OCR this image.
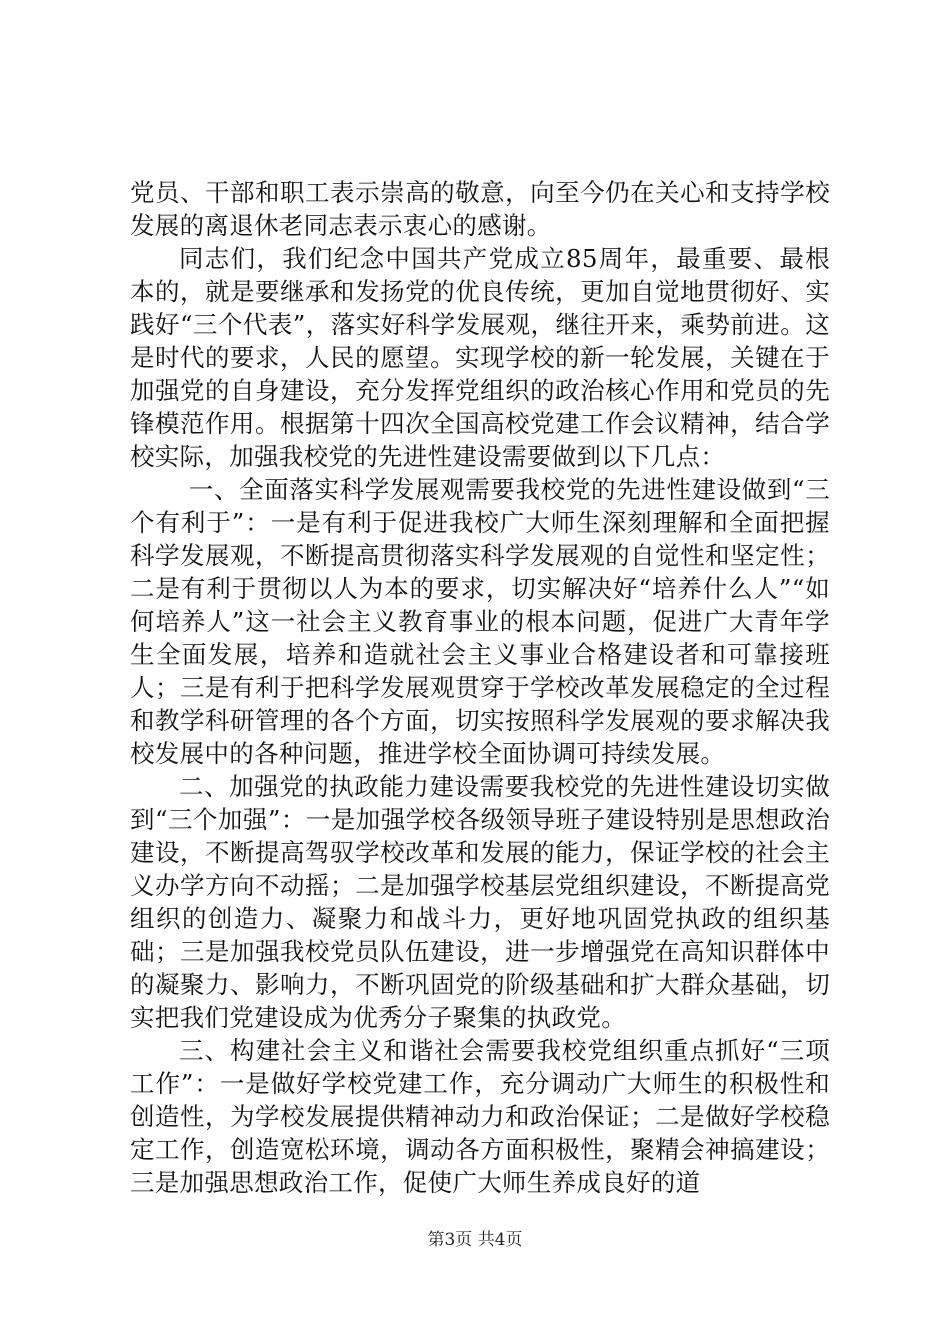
党员、干部和职工表示崇高的敬意，向至今仍在关心和支持学校发展的离退休老同志表示衷心的感谢。

同志们，我们纪念中国共产党成立85周年，最重要、最根本的，就是要继承和发扬党的优良传统，更加自觉地贯彻好、实践好“三个代表”，落实好科学发展观，继往开来，乘势前进。这是时代的要求，人民的愿望。实现学校的新一轮发展，关键在于加强党的自身建设，充分发挥党组织的政治核心作用和党员的先锋模范作用。根据第十四次全国高校党建工作会议精神，结合学校实际，加强我校党的先进性建设需要做到以下几点：

一、全面落实科学发展观需要我校党的先进性建设做到“三个有利于”：一是有利于促进我校广大师生深刻理解和全面把握科学发展观，不断提高贯彻落实科学发展观的自觉性和坚定性；二是有利于贯彻以人为本的要求，切实解决好“培养什么人”“如何培养人”这一社会主义教育事业的根本问题，促进广大青年学生全面发展，培养和造就社会主义事业合格建设者和可靠接班人；三是有利于把科学发展观贯穿于学校改革发展稳定的全过程和教学科研管理的各个方面，切实按照科学发展观的要求解决我校发展中的各种问题，推进学校全面协调可持续发展。

二、加强党的执政能力建设需要我校党的先进性建设切实做到“三个加强”：一是加强学校各级领导班子建设特别是思想政治建设，不断提高驾驭学校改革和发展的能力，保证学校的社会主义办学方向不动摇；二是加强学校基层党组织建设，不断提高党组织的创造力、凝聚力和战斗力，更好地巩固党执政的组织基础；三是加强我校党员队伍建设，进一步增强党在高知识群体中的凝聚力、影响力，不断巩固党的阶级基础和扩大群众基础，切实把我们党建设成为优秀分子聚集的执政党。

三、构建社会主义和谐社会需要我校党组织重点抓好“三项工作”：一是做好学校党建工作，充分调动广大师生的积极性和创造性，为学校发展提供精神动力和政治保证；二是做好学校稳定工作，创造宽松环境，调动各方面积极性，聚精会神搞建设；三是加强思想政治工作，促使广大师生养成良好的道

第3页 共4页
